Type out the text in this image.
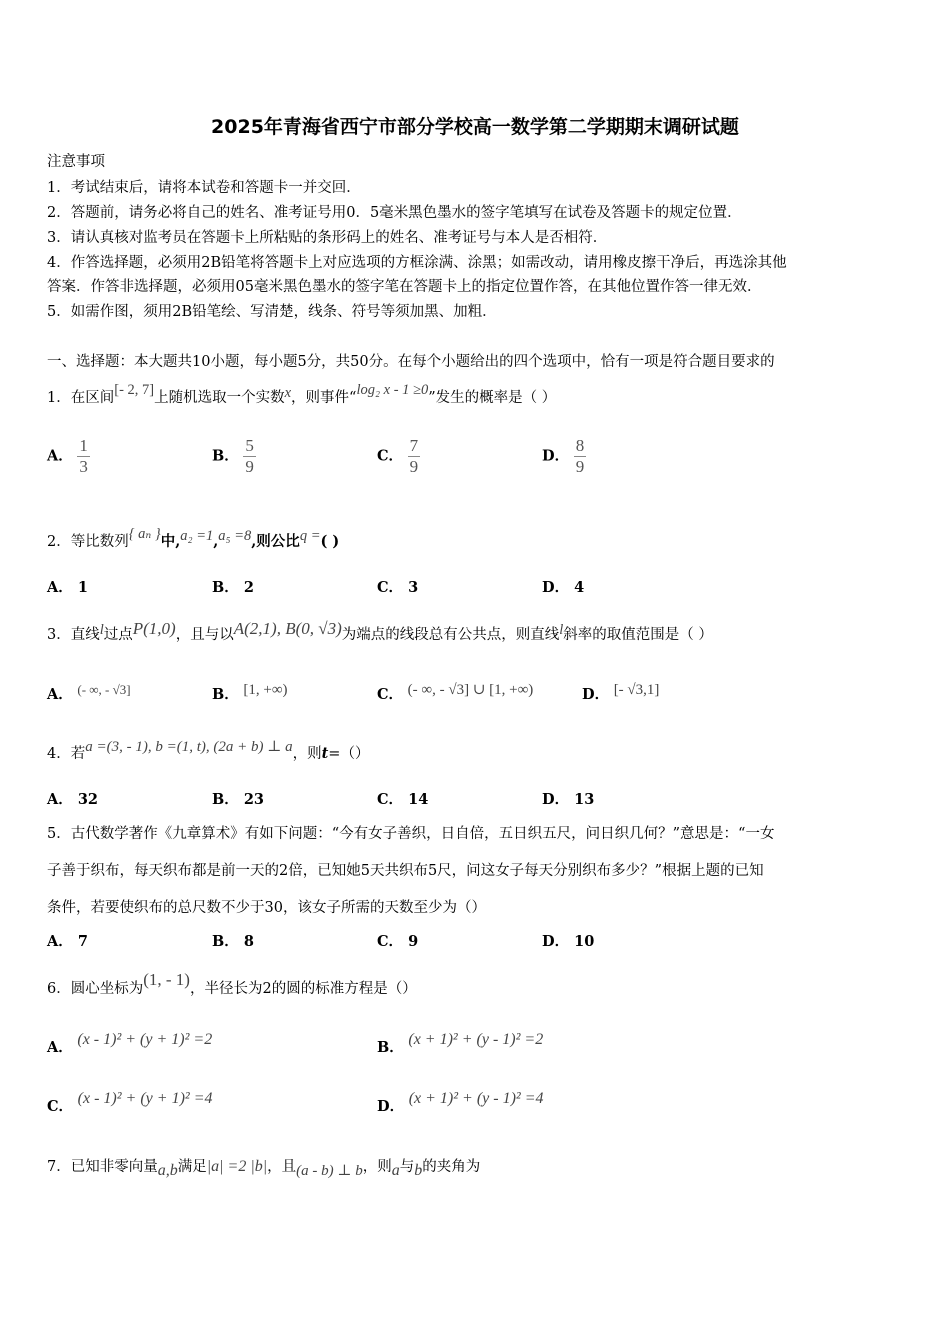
2025年青海省西宁市部分学校高一数学第二学期期末调研试题
注意事项
1．考试结束后，请将本试卷和答题卡一并交回．
2．答题前，请务必将自己的姓名、准考证号用0．5毫米黑色墨水的签字笔填写在试卷及答题卡的规定位置．
3．请认真核对监考员在答题卡上所粘贴的条形码上的姓名、准考证号与本人是否相符．
4．作答选择题，必须用2B铅笔将答题卡上对应选项的方框涂满、涂黑；如需改动，请用橡皮擦干净后，再选涂其他
答案．作答非选择题，必须用05毫米黑色墨水的签字笔在答题卡上的指定位置作答，在其他位置作答一律无效．
5．如需作图，须用2B铅笔绘、写清楚，线条、符号等须加黑、加粗．
一、选择题：本大题共10小题，每小题5分，共50分。在每个小题给出的四个选项中，恰有一项是符合题目要求的
1．在区间[- 2, 7]上随机选取一个实数x，则事件“log₂ x - 1 ≥0”发生的概率是（ ）
A． $\frac{1}{3}$	B． $\frac{5}{9}$	C． $\frac{7}{9}$	D． $\frac{8}{9}$
2．等比数列{ aₙ }中,a₂ =1,a₅ =8,则公比q =( )
A． 1	B． 2	C． 3	D． 4
3．直线l过点P(1,0)，且与以A(2,1), B(0, √3)为端点的线段总有公共点，则直线l斜率的取值范围是（ ）
A． (- ∞, - √3]	B． [1, +∞)	C． (- ∞, - √3] ∪ [1, +∞)	D． [- √3,1]
4．若a =(3, - 1), b =(1, t), (2a + b) ⊥ a，则t=（）
A． 32	B． 23	C． 14	D． 13
5．古代数学著作《九章算术》有如下问题：“今有女子善织，日自倍，五日织五尺，问日织几何？”意思是：“一女
子善于织布，每天织布都是前一天的2倍，已知她5天共织布5尺，问这女子每天分别织布多少？”根据上题的已知
条件，若要使织布的总尺数不少于30，该女子所需的天数至少为（）
A． 7	B． 8	C． 9	D． 10
6．圆心坐标为(1, - 1)，半径长为2的圆的标准方程是（）
A． (x - 1)² + (y + 1)² =2	B． (x + 1)² + (y - 1)² =2
C． (x - 1)² + (y + 1)² =4	D． (x + 1)² + (y - 1)² =4
7．已知非零向量a,b满足|a| =2 |b|，且(a - b) ⊥ b，则a与b的夹角为
